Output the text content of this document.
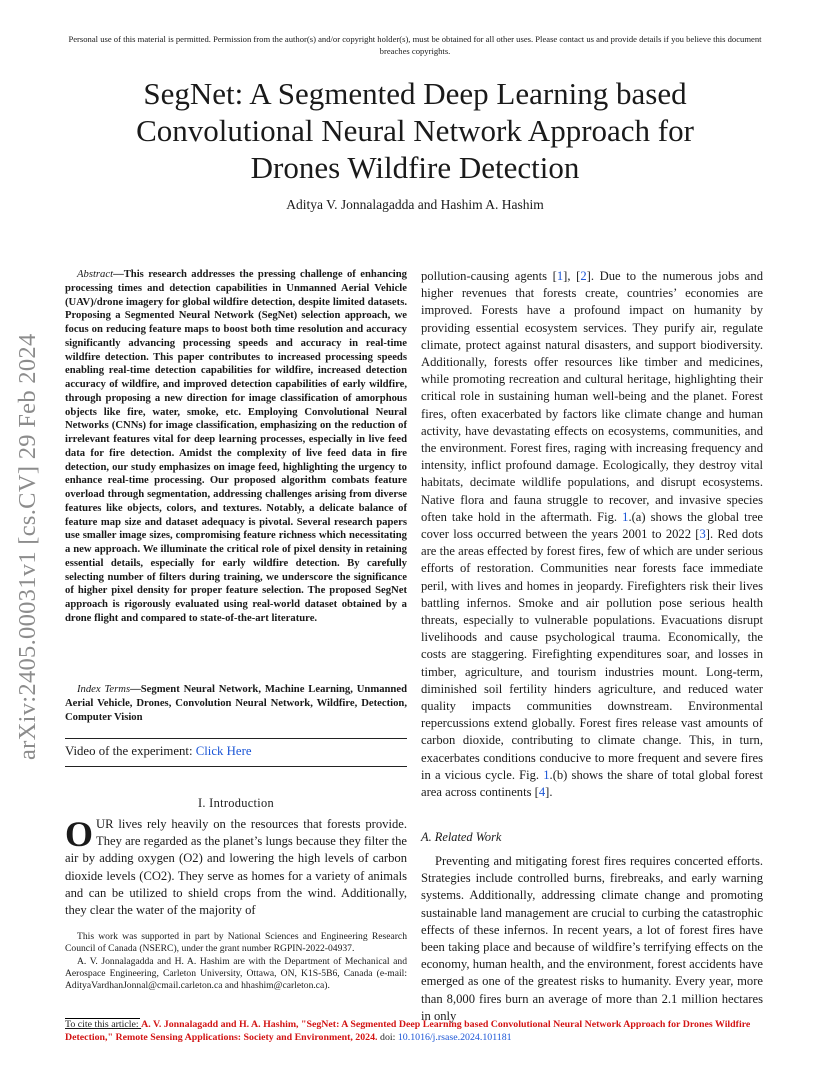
Personal use of this material is permitted. Permission from the author(s) and/or copyright holder(s), must be obtained for all other uses. Please contact us and provide details if you believe this document breaches copyrights.
SegNet: A Segmented Deep Learning based Convolutional Neural Network Approach for Drones Wildfire Detection
Aditya V. Jonnalagadda and Hashim A. Hashim
arXiv:2405.00031v1 [cs.CV] 29 Feb 2024

Abstract—This research addresses the pressing challenge of enhancing processing times and detection capabilities in Unmanned Aerial Vehicle (UAV)/drone imagery for global wildfire detection, despite limited datasets. Proposing a Segmented Neural Network (SegNet) selection approach, we focus on reducing feature maps to boost both time resolution and accuracy significantly advancing processing speeds and accuracy in real-time wildfire detection. This paper contributes to increased processing speeds enabling real-time detection capabilities for wildfire, increased detection accuracy of wildfire, and improved detection capabilities of early wildfire, through proposing a new direction for image classification of amorphous objects like fire, water, smoke, etc. Employing Convolutional Neural Networks (CNNs) for image classification, emphasizing on the reduction of irrelevant features vital for deep learning processes, especially in live feed data for fire detection. Amidst the complexity of live feed data in fire detection, our study emphasizes on image feed, highlighting the urgency to enhance real-time processing. Our proposed algorithm combats feature overload through segmentation, addressing challenges arising from diverse features like objects, colors, and textures. Notably, a delicate balance of feature map size and dataset adequacy is pivotal. Several research papers use smaller image sizes, compromising feature richness which necessitating a new approach. We illuminate the critical role of pixel density in retaining essential details, especially for early wildfire detection. By carefully selecting number of filters during training, we underscore the significance of higher pixel density for proper feature selection. The proposed SegNet approach is rigorously evaluated using real-world dataset obtained by a drone flight and compared to state-of-the-art literature.

Index Terms—Segment Neural Network, Machine Learning, Unmanned Aerial Vehicle, Drones, Convolution Neural Network, Wildfire, Detection, Computer Vision

Video of the experiment: Click Here
I. Introduction
OUR lives rely heavily on the resources that forests provide. They are regarded as the planet’s lungs because they filter the air by adding oxygen (O2) and lowering the high levels of carbon dioxide levels (CO2). They serve as homes for a variety of animals and can be utilized to shield crops from the wind. Additionally, they clear the water of the majority of

This work was supported in part by National Sciences and Engineering Research Council of Canada (NSERC), under the grant number RGPIN-2022-04937.

A. V. Jonnalagadda and H. A. Hashim are with the Department of Mechanical and Aerospace Engineering, Carleton University, Ottawa, ON, K1S-5B6, Canada (e-mail: AdityaVardhanJonnal@cmail.carleton.ca and hhashim@carleton.ca).

pollution-causing agents [1], [2]. Due to the numerous jobs and higher revenues that forests create, countries’ economies are improved. Forests have a profound impact on humanity by providing essential ecosystem services. They purify air, regulate climate, protect against natural disasters, and support biodiversity. Additionally, forests offer resources like timber and medicines, while promoting recreation and cultural heritage, highlighting their critical role in sustaining human well-being and the planet. Forest fires, often exacerbated by factors like climate change and human activity, have devastating effects on ecosystems, communities, and the environment. Forest fires, raging with increasing frequency and intensity, inflict profound damage. Ecologically, they destroy vital habitats, decimate wildlife populations, and disrupt ecosystems. Native flora and fauna struggle to recover, and invasive species often take hold in the aftermath. Fig. 1.(a) shows the global tree cover loss occurred between the years 2001 to 2022 [3]. Red dots are the areas effected by forest fires, few of which are under serious efforts of restoration. Communities near forests face immediate peril, with lives and homes in jeopardy. Firefighters risk their lives battling infernos. Smoke and air pollution pose serious health threats, especially to vulnerable populations. Evacuations disrupt livelihoods and cause psychological trauma. Economically, the costs are staggering. Firefighting expenditures soar, and losses in timber, agriculture, and tourism industries mount. Long-term, diminished soil fertility hinders agriculture, and reduced water quality impacts communities downstream. Environmental repercussions extend globally. Forest fires release vast amounts of carbon dioxide, contributing to climate change. This, in turn, exacerbates conditions conducive to more frequent and severe fires in a vicious cycle. Fig. 1.(b) shows the share of total global forest area across continents [4].

A. Related Work

Preventing and mitigating forest fires requires concerted efforts. Strategies include controlled burns, firebreaks, and early warning systems. Additionally, addressing climate change and promoting sustainable land management are crucial to curbing the catastrophic effects of these infernos. In recent years, a lot of forest fires have been taking place and because of wildfire’s terrifying effects on the economy, human health, and the environment, forest accidents have emerged as one of the greatest risks to humanity. Every year, more than 8,000 fires burn an average of more than 2.1 million hectares in only

To cite this article: A. V. Jonnalagadd and H. A. Hashim, "SegNet: A Segmented Deep Learning based Convolutional Neural Network Approach for Drones Wildfire Detection," Remote Sensing Applications: Society and Environment, 2024. doi: 10.1016/j.rsase.2024.101181
